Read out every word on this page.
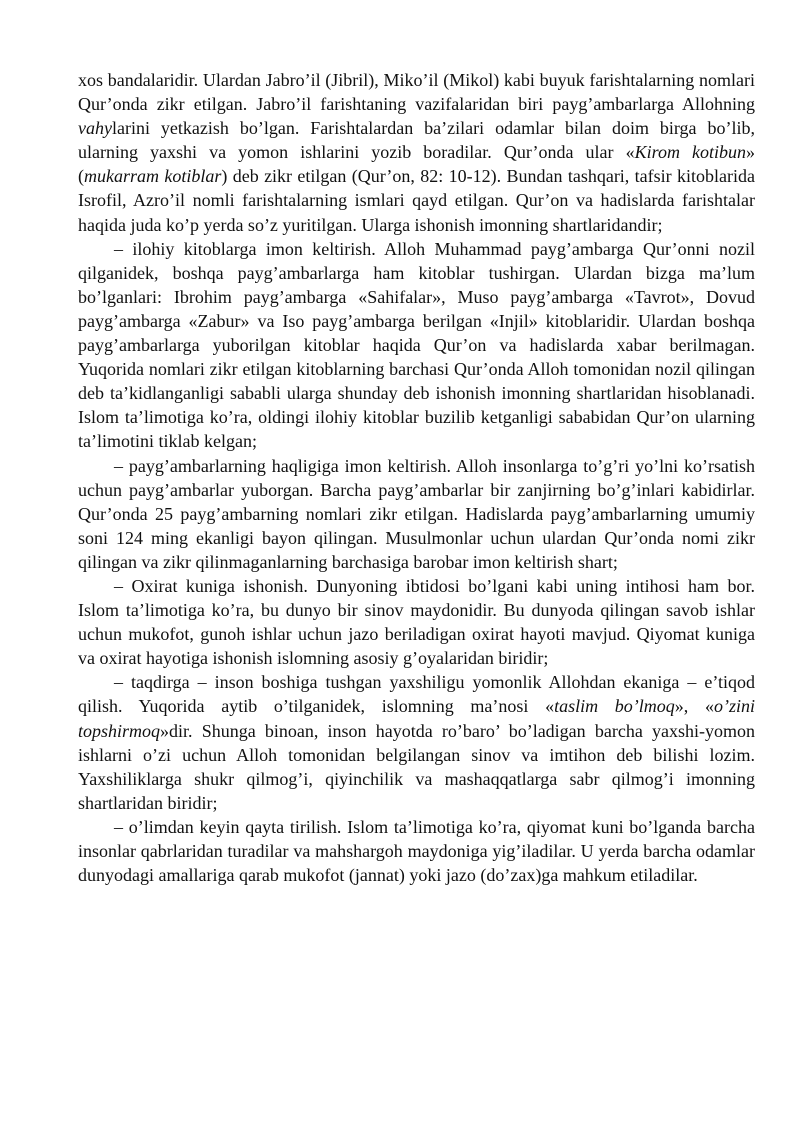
xos bandalaridir. Ulardan Jabro’il (Jibril), Miko’il (Mikol) kabi buyuk farishtalarning nomlari Qur’onda zikr etilgan. Jabro’il farishtaning vazifalaridan biri payg’ambarlarga Allohning vahylarini yetkazish bo’lgan. Farishtalardan ba’zilari odamlar bilan doim birga bo’lib, ularning yaxshi va yomon ishlarini yozib boradilar. Qur’onda ular «Kirom kotibun» (mukarram kotiblar) deb zikr etilgan (Qur’on, 82: 10-12). Bundan tashqari, tafsir kitoblarida Isrofil, Azro’il nomli farishtalarning ismlari qayd etilgan. Qur’on va hadislarda farishtalar haqida juda ko’p yerda so’z yuritilgan. Ularga ishonish imonning shartlaridandir;

– ilohiy kitoblarga imon keltirish. Alloh Muhammad payg’ambarga Qur’onni nozil qilganidek, boshqa payg’ambarlarga ham kitoblar tushirgan. Ulardan bizga ma’lum bo’lganlari: Ibrohim payg’ambarga «Sahifalar», Muso payg’ambarga «Tavrot», Dovud payg’ambarga «Zabur» va Iso payg’ambarga berilgan «Injil» kitoblaridir. Ulardan boshqa payg’ambarlarga yuborilgan kitoblar haqida Qur’on va hadislarda xabar berilmagan. Yuqorida nomlari zikr etilgan kitoblarning barchasi Qur’onda Alloh tomonidan nozil qilingan deb ta’kidlanganligi sababli ularga shunday deb ishonish imonning shartlaridan hisoblanadi. Islom ta’limotiga ko’ra, oldingi ilohiy kitoblar buzilib ketganligi sababidan Qur’on ularning ta’limotini tiklab kelgan;

– payg’ambarlarning haqligiga imon keltirish. Alloh insonlarga to’g’ri yo’lni ko’rsatish uchun payg’ambarlar yuborgan. Barcha payg’ambarlar bir zanjirning bo’g’inlari kabidirlar. Qur’onda 25 payg’ambarning nomlari zikr etilgan. Hadislarda payg’ambarlarning umumiy soni 124 ming ekanligi bayon qilingan. Musulmonlar uchun ulardan Qur’onda nomi zikr qilingan va zikr qilinmaganlarning barchasiga barobar imon keltirish shart;

– Oxirat kuniga ishonish. Dunyoning ibtidosi bo’lgani kabi uning intihosi ham bor. Islom ta’limotiga ko’ra, bu dunyo bir sinov maydonidir. Bu dunyoda qilingan savob ishlar uchun mukofot, gunoh ishlar uchun jazo beriladigan oxirat hayoti mavjud. Qiyomat kuniga va oxirat hayotiga ishonish islomning asosiy g’oyalaridan biridir;

– taqdirga – inson boshiga tushgan yaxshiligu yomonlik Allohdan ekaniga – e’tiqod qilish. Yuqorida aytib o’tilganidek, islomning ma’nosi «taslim bo’lmoq», «o’zini topshirmoq»dir. Shunga binoan, inson hayotda ro’baro’ bo’ladigan barcha yaxshi-yomon ishlarni o’zi uchun Alloh tomonidan belgilangan sinov va imtihon deb bilishi lozim. Yaxshiliklarga shukr qilmog’i, qiyinchilik va mashaqqatlarga sabr qilmog’i imonning shartlaridan biridir;

– o’limdan keyin qayta tirilish. Islom ta’limotiga ko’ra, qiyomat kuni bo’lganda barcha insonlar qabrlaridan turadilar va mahshargoh maydoniga yig’iladilar. U yerda barcha odamlar dunyodagi amallariga qarab mukofot (jannat) yoki jazo (do’zax)ga mahkum etiladilar.
